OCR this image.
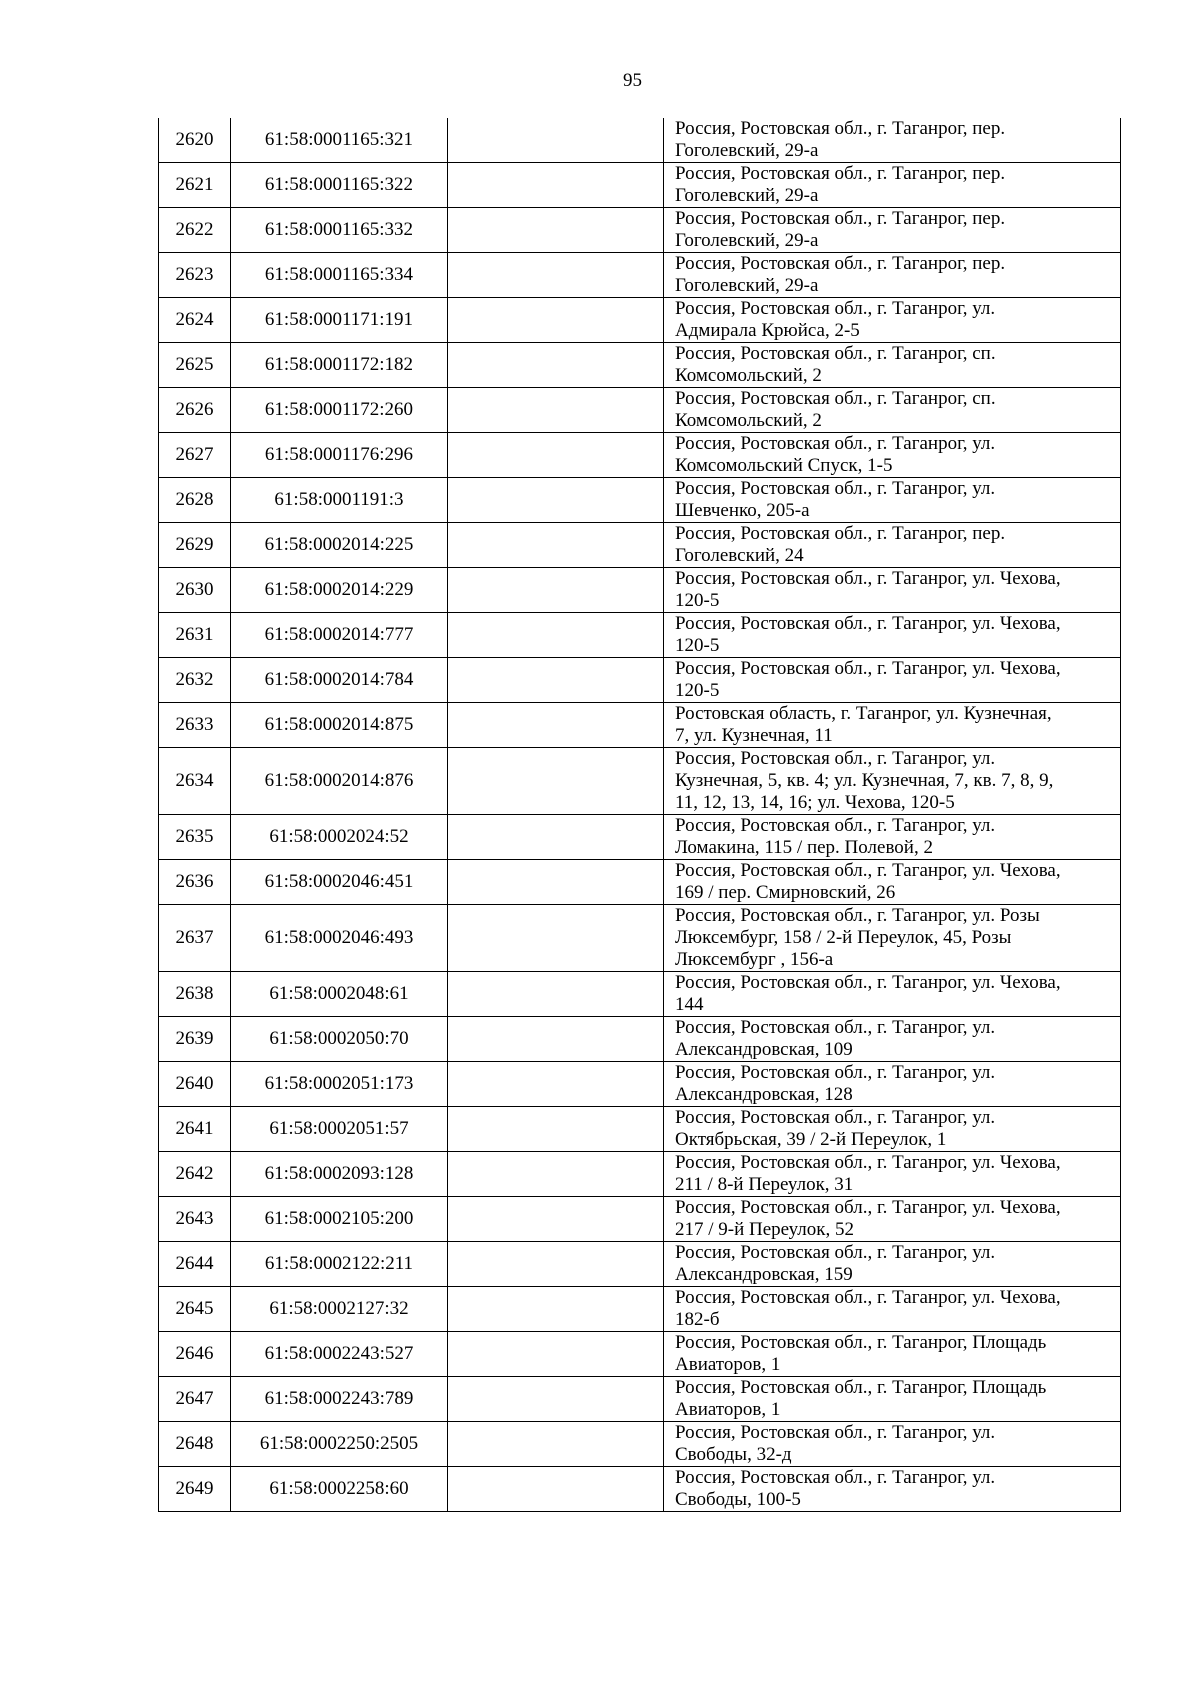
95
2620	61:58:0001165:321		Россия, Ростовская обл., г. Таганрог, пер.
Гоголевский, 29-а

2621	61:58:0001165:322		Россия, Ростовская обл., г. Таганрог, пер.
Гоголевский, 29-а

2622	61:58:0001165:332		Россия, Ростовская обл., г. Таганрог, пер.
Гоголевский, 29-а

2623	61:58:0001165:334		Россия, Ростовская обл., г. Таганрог, пер.
Гоголевский, 29-а

2624	61:58:0001171:191		Россия, Ростовская обл., г. Таганрог, ул.
Адмирала Крюйса, 2-5

2625	61:58:0001172:182		Россия, Ростовская обл., г. Таганрог, сп.
Комсомольский, 2

2626	61:58:0001172:260		Россия, Ростовская обл., г. Таганрог, сп.
Комсомольский, 2

2627	61:58:0001176:296		Россия, Ростовская обл., г. Таганрог, ул.
Комсомольский Спуск, 1-5

2628	61:58:0001191:3		Россия, Ростовская обл., г. Таганрог, ул.
Шевченко, 205-а

2629	61:58:0002014:225		Россия, Ростовская обл., г. Таганрог, пер.
Гоголевский, 24

2630	61:58:0002014:229		Россия, Ростовская обл., г. Таганрог, ул. Чехова,
120-5

2631	61:58:0002014:777		Россия, Ростовская обл., г. Таганрог, ул. Чехова,
120-5

2632	61:58:0002014:784		Россия, Ростовская обл., г. Таганрог, ул. Чехова,
120-5

2633	61:58:0002014:875		Ростовская область, г. Таганрог, ул. Кузнечная,
7, ул. Кузнечная, 11

2634	61:58:0002014:876		Россия, Ростовская обл., г. Таганрог, ул.
Кузнечная, 5, кв. 4; ул. Кузнечная, 7, кв. 7, 8, 9,
11, 12, 13, 14, 16; ул. Чехова, 120-5

2635	61:58:0002024:52		Россия, Ростовская обл., г. Таганрог, ул.
Ломакина, 115 / пер. Полевой, 2

2636	61:58:0002046:451		Россия, Ростовская обл., г. Таганрог, ул. Чехова,
169 / пер. Смирновский, 26

2637	61:58:0002046:493		Россия, Ростовская обл., г. Таганрог, ул. Розы
Люксембург, 158 / 2-й Переулок, 45, Розы
Люксембург , 156-а

2638	61:58:0002048:61		Россия, Ростовская обл., г. Таганрог, ул. Чехова,
144

2639	61:58:0002050:70		Россия, Ростовская обл., г. Таганрог, ул.
Александровская, 109

2640	61:58:0002051:173		Россия, Ростовская обл., г. Таганрог, ул.
Александровская, 128

2641	61:58:0002051:57		Россия, Ростовская обл., г. Таганрог, ул.
Октябрьская, 39 / 2-й Переулок, 1

2642	61:58:0002093:128		Россия, Ростовская обл., г. Таганрог, ул. Чехова,
211 / 8-й Переулок, 31

2643	61:58:0002105:200		Россия, Ростовская обл., г. Таганрог, ул. Чехова,
217 / 9-й Переулок, 52

2644	61:58:0002122:211		Россия, Ростовская обл., г. Таганрог, ул.
Александровская, 159

2645	61:58:0002127:32		Россия, Ростовская обл., г. Таганрог, ул. Чехова,
182-б

2646	61:58:0002243:527		Россия, Ростовская обл., г. Таганрог, Площадь
Авиаторов, 1

2647	61:58:0002243:789		Россия, Ростовская обл., г. Таганрог, Площадь
Авиаторов, 1

2648	61:58:0002250:2505		Россия, Ростовская обл., г. Таганрог, ул.
Свободы, 32-д

2649	61:58:0002258:60		Россия, Ростовская обл., г. Таганрог, ул.
Свободы, 100-5
